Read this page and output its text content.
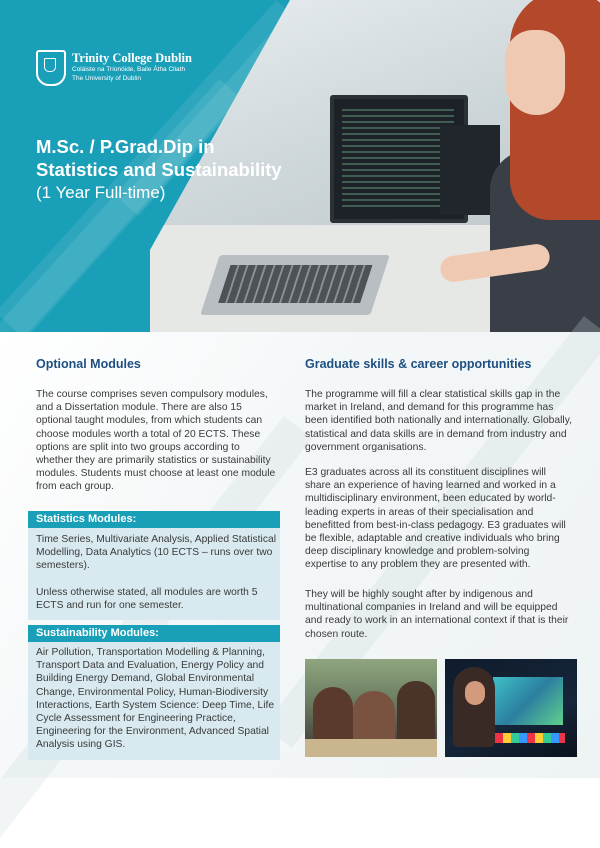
Trinity College Dublin
Coláiste na Tríonóide, Baile Átha Cliath
The University of Dublin
M.Sc. / P.Grad.Dip in
Statistics and Sustainability
(1 Year Full-time)
Optional Modules

The course comprises seven compulsory modules, and a Dissertation module. There are also 15 optional taught modules, from which students can choose modules worth a total of 20 ECTS. These options are split into two groups according to whether they are primarily statistics or sustainability modules. Students must choose at least one module from each group.

Statistics Modules:

Time Series, Multivariate Analysis, Applied Statistical Modelling, Data Analytics (10 ECTS – runs over two semesters).

Unless otherwise stated, all modules are worth 5 ECTS and run for one semester.

Sustainability Modules:

Air Pollution, Transportation Modelling & Planning, Transport Data and Evaluation, Energy Policy and Building Energy Demand, Global Environmental Change, Environmental Policy, Human-Biodiversity Interactions, Earth System Science: Deep Time, Life Cycle Assessment for Engineering Practice, Engineering for the Environment, Advanced Spatial Analysis using GIS.

Graduate skills & career opportunities

The programme will fill a clear statistical skills gap in the market in Ireland, and demand for this programme has been identified both nationally and internationally. Globally, statistical and data skills are in demand from industry and government organisations.

E3 graduates across all its constituent disciplines will share an experience of having learned and worked in a multidisciplinary environment, been educated by world-leading experts in areas of their specialisation and benefitted from best-in-class pedagogy. E3 graduates will be flexible, adaptable and creative individuals who bring deep disciplinary knowledge and problem-solving expertise to any problem they are presented with.

They will be highly sought after by indigenous and multinational companies in Ireland and will be equipped and ready to work in an international context if that is their chosen route.
